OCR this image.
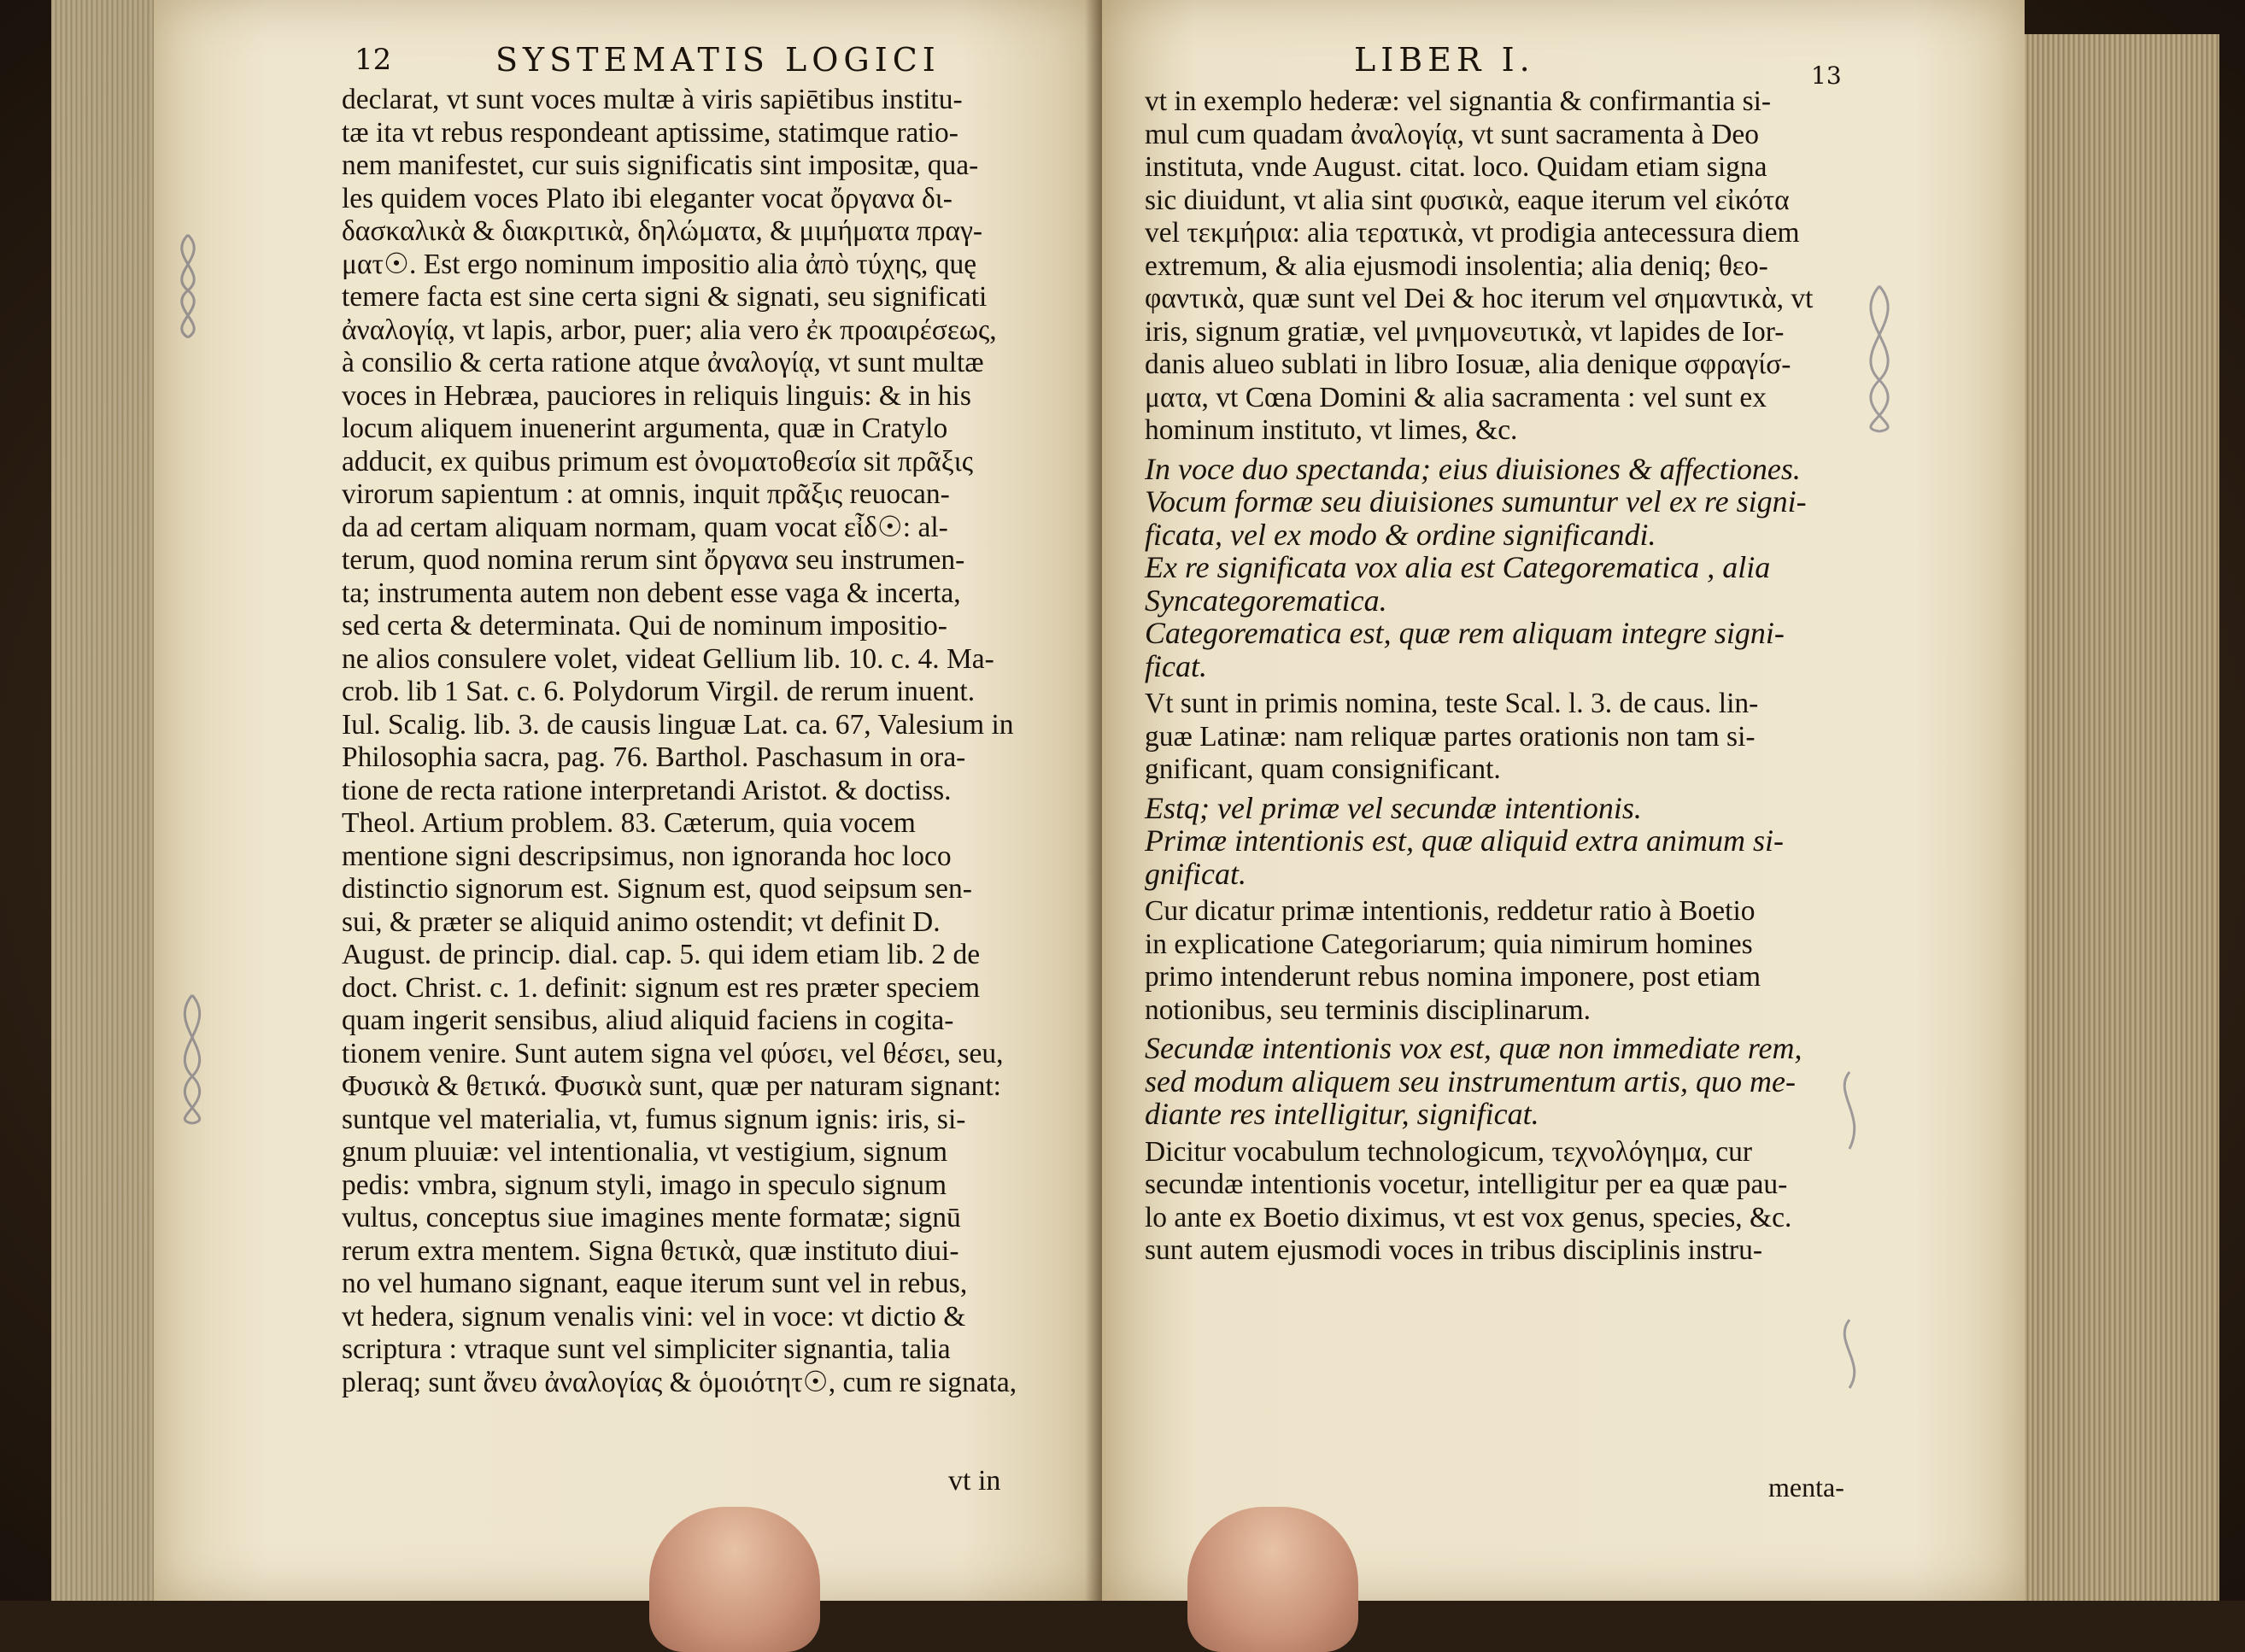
12	SYSTEMATIS LOGICI
declarat, vt sunt voces multæ à viris sapiētibus institu-
tæ ita vt rebus respondeant aptissime, statimque ratio-
nem manifestet, cur suis significatis sint impositæ, qua-
les quidem voces Plato ibi eleganter vocat ὄργανα δι-
δασκαλικὰ & διακριτικὰ, δηλώματα, & μιμήματα πραγ-
ματ☉. Est ergo nominum impositio alia ἀπὸ τύχης, quę
temere facta est sine certa signi & signati, seu significati
ἀναλογίᾳ, vt lapis, arbor, puer; alia vero ἐκ προαιρέσεως,
à consilio & certa ratione atque ἀναλογίᾳ, vt sunt multæ
voces in Hebræa, pauciores in reliquis linguis: & in his
locum aliquem inuenerint argumenta, quæ in Cratylo
adducit, ex quibus primum est ὀνοματοθεσία sit πρᾶξις
virorum sapientum : at omnis, inquit πρᾶξις reuocan-
da ad certam aliquam normam, quam vocat εἶδ☉: al-
terum, quod nomina rerum sint ὄργανα seu instrumen-
ta; instrumenta autem non debent esse vaga & incerta,
sed certa & determinata. Qui de nominum impositio-
ne alios consulere volet, videat Gellium lib. 10. c. 4. Ma-
crob. lib 1 Sat. c. 6. Polydorum Virgil. de rerum inuent.
Iul. Scalig. lib. 3. de causis linguæ Lat. ca. 67, Valesium in
Philosophia sacra, pag. 76. Barthol. Paschasum in ora-
tione de recta ratione interpretandi Aristot. & doctiss.
Theol. Artium problem. 83. Cæterum, quia vocem
mentione signi descripsimus, non ignoranda hoc loco
distinctio signorum est. Signum est, quod seipsum sen-
sui, & præter se aliquid animo ostendit; vt definit D.
August. de princip. dial. cap. 5. qui idem etiam lib. 2 de
doct. Christ. c. 1. definit: signum est res præter speciem
quam ingerit sensibus, aliud aliquid faciens in cogita-
tionem venire. Sunt autem signa vel φύσει, vel θέσει, seu,
Φυσικὰ & θετικά. Φυσικὰ sunt, quæ per naturam signant:
suntque vel materialia, vt, fumus signum ignis: iris, si-
gnum pluuiæ: vel intentionalia, vt vestigium, signum
pedis: vmbra, signum styli, imago in speculo signum
vultus, conceptus siue imagines mente formatæ; signū
rerum extra mentem. Signa θετικὰ, quæ instituto diui-
no vel humano signant, eaque iterum sunt vel in rebus,
vt hedera, signum venalis vini: vel in voce: vt dictio &
scriptura : vtraque sunt vel simpliciter signantia, talia
pleraq; sunt ἄνευ ἀναλογίας & ὁμοιότητ☉, cum re signata,
vt in
LIBER I.	13
vt in exemplo hederæ: vel signantia & confirmantia si-
mul cum quadam ἀναλογίᾳ, vt sunt sacramenta à Deo
instituta, vnde August. citat. loco. Quidam etiam signa
sic diuidunt, vt alia sint φυσικὰ, eaque iterum vel εἰκότα
vel τεκμήρια: alia τερατικὰ, vt prodigia antecessura diem
extremum, & alia ejusmodi insolentia; alia deniq; θεο-
φαντικὰ, quæ sunt vel Dei & hoc iterum vel σημαντικὰ, vt
iris, signum gratiæ, vel μνημονευτικὰ, vt lapides de Ior-
danis alueo sublati in libro Iosuæ, alia denique σφραγίσ-
ματα, vt Cœna Domini & alia sacramenta : vel sunt ex
hominum instituto, vt limes, &c.
In voce duo spectanda; eius diuisiones & affectiones.
Vocum formæ seu diuisiones sumuntur vel ex re signi-
ficata, vel ex modo & ordine significandi.
Ex re significata vox alia est Categorematica , alia
Syncategorematica.
Categorematica est, quæ rem aliquam integre signi-
ficat.
Vt sunt in primis nomina, teste Scal. l. 3. de caus. lin-
guæ Latinæ: nam reliquæ partes orationis non tam si-
gnificant, quam consignificant.
Estq; vel primæ vel secundæ intentionis.
Primæ intentionis est, quæ aliquid extra animum si-
gnificat.
Cur dicatur primæ intentionis, reddetur ratio à Boetio
in explicatione Categoriarum; quia nimirum homines
primo intenderunt rebus nomina imponere, post etiam
notionibus, seu terminis disciplinarum.
Secundæ intentionis vox est, quæ non immediate rem,
sed modum aliquem seu instrumentum artis, quo me-
diante res intelligitur, significat.
Dicitur vocabulum technologicum, τεχνολόγημα, cur
secundæ intentionis vocetur, intelligitur per ea quæ pau-
lo ante ex Boetio diximus, vt est vox genus, species, &c.
sunt autem ejusmodi voces in tribus disciplinis instru-
menta-
